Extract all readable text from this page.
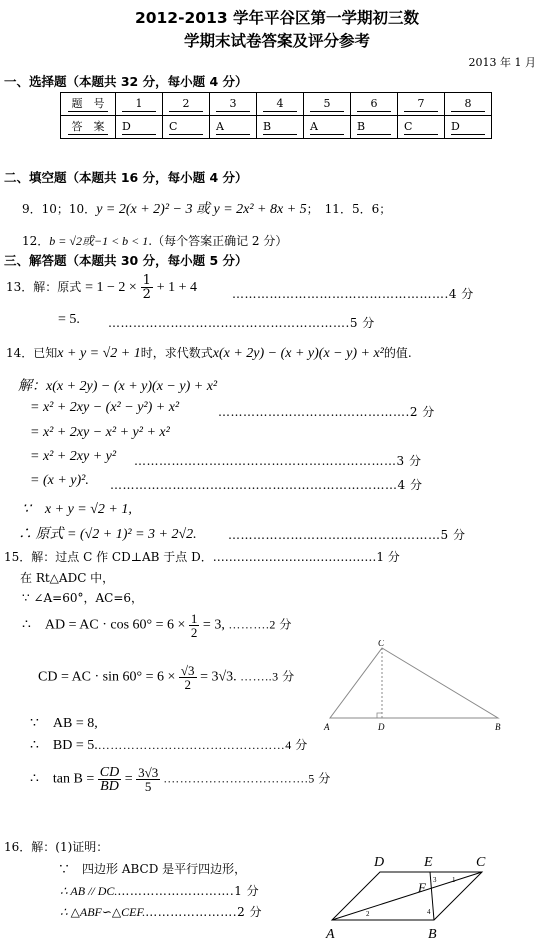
2012-2013 学年平谷区第一学期初三数
学期末试卷答案及评分参考
2013 年 1 月
一、选择题（本题共 32 分，每小题 4 分）
题　号	1	2	3	4	5	6	7	8
答　案	D	C	A	B	A	B	C	D
二、填空题（本题共 16 分，每小题 4 分）
9．10；10．y = 2(x + 2)² − 3 或 y = 2x² + 8x + 5；　11．5．6；
12．b = √2或−1 < b < 1.（每个答案正确记 2 分）
三、解答题（本题共 30 分，每小题 5 分）
13．解：原式 = $1 - 2 \times \frac{1}{2} + 1 + 4$	…………………………………………….4 分
= 5. ………………………………………………….5 分
14．已知x + y = √2 + 1时，求代数式x(x + 2y) − (x + y)(x − y) + x²的值.
解：x(x + 2y) − (x + y)(x − y) + x²
= x² + 2xy − (x² − y²) + x²	……………………………………….2 分
= x² + 2xy − x² + y² + x²
= x² + 2xy + y² ………………………………………………………3 分
= (x + y)². ……………………………………………………………4 分
∵　x + y = √2 + 1,
∴ 原式 = (√2 + 1)² = 3 + 2√2.	……………………………………………5 分
15．解：过点 C 作 CD⊥AB 于点 D．……………………..……………1 分
在 Rt△ADC 中，
∵ ∠A=60°，AC=6，
∴　AD = AC · $\cos 60^\circ = 6 \times \frac{1}{2} = 3$, ……….2 分
CD = AC · $\sin 60^\circ = 6 \times \frac{√3}{2} = 3√3$. ……..3 分
∵　AB = 8,
∴　BD = 5.………………………………………4 分
∴　$\tan B = \frac{CD}{BD} = \frac{3√3}{5}$ .…………………………….5 分
C
A	D	B
16．解：(1)证明：
∵　四边形 ABCD 是平行四边形，
∴ AB // DC.……………………….1 分
∴ △ABF∽△CEF.………………….2 分
D	E	C
F
A	B
1
2
3
4
